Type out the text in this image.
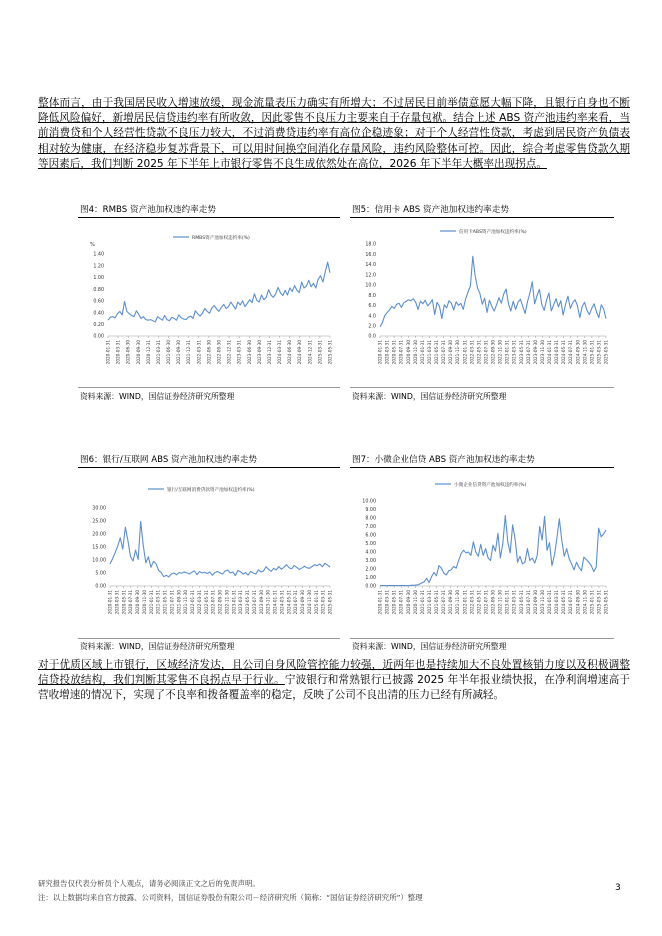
整体而言，由于我国居民收入增速放缓，现金流量表压力确实有所增大；不过居民目前举债意愿大幅下降，且银行自身也不断降低风险偏好，新增居民信贷违约率有所收敛，因此零售不良压力主要来自于存量包袱。结合上述 ABS 资产池违约率来看，当前消费贷和个人经营性贷款不良压力较大，不过消费贷违约率有高位企稳迹象；对于个人经营性贷款，考虑到居民资产负债表相对较为健康，在经济稳步复苏背景下，可以用时间换空间消化存量风险，违约风险整体可控。因此，综合考虑零售贷款久期等因素后，我们判断 2025 年下半年上市银行零售不良生成依然处在高位，2026 年下半年大概率出现拐点。
图4：RMBS 资产池加权违约率走势	图5：信用卡 ABS 资产池加权违约率走势
RMBS资产池加权违约率(%)
%
0.00
0.20
0.40
0.60
0.80
1.00
1.20
1.40
2020-01-31 2020-03-31 2020-06-30 2020-09-30 2020-12-31 2021-03-31 2021-06-30 2021-09-30 2021-12-31 2022-03-31 2022-06-30 2022-09-30 2022-12-31 2023-03-31 2023-06-30 2023-09-30 2023-12-31 2024-03-31 2024-06-30 2024-09-30 2024-12-31 2025-03-31 2025-05-31
信用卡ABS资产池加权违约率(%)
0.0
2.0
4.0
6.0
8.0
10.0
12.0
14.0
16.0
18.0
2020-01-31 2020-03-31 2020-05-31 2020-07-31 2020-09-30 2020-11-30 2021-01-31 2021-03-31 2021-05-31 2021-07-31 2021-09-30 2021-11-30 2022-01-31 2022-03-31 2022-05-31 2022-07-31 2022-09-30 2022-11-30 2023-01-31 2023-03-31 2023-05-31 2023-07-31 2023-09-30 2023-11-30 2024-01-31 2024-03-31 2024-05-31 2024-07-31 2024-09-30 2024-11-30 2025-01-31 2025-03-31 2025-05-31
资料来源：WIND，国信证券经济研究所整理	资料来源：WIND，国信证券经济研究所整理
图6：银行/互联网 ABS 资产池加权违约率走势	图7：小微企业信贷 ABS 资产池加权违约率走势
银行/互联网消费贷款资产池加权违约率(%)
0.00
5.00
10.00
15.00
20.00
25.00
30.00
2020-01-31 2020-03-31 2020-05-31 2020-07-31 2020-09-30 2020-11-30 2021-01-31 2021-03-31 2021-05-31 2021-07-31 2021-09-30 2021-11-30 2022-01-31 2022-03-31 2022-05-31 2022-07-31 2022-09-30 2022-11-30 2023-01-31 2023-03-31 2023-05-31 2023-07-31 2023-09-30 2023-11-30 2024-01-31 2024-03-31 2024-05-31 2024-07-31 2024-09-30 2024-11-30 2025-01-31 2025-03-31 2025-05-31
小微企业信贷资产池加权违约率(%)
0.00
1.00
2.00
3.00
4.00
5.00
6.00
7.00
8.00
9.00
10.00
2020-01-31 2020-03-31 2020-05-31 2020-07-31 2020-09-30 2020-11-30 2021-01-31 2021-03-31 2021-05-31 2021-07-31 2021-09-30 2021-11-30 2022-01-31 2022-03-31 2022-05-31 2022-07-31 2022-09-30 2022-11-30 2023-01-31 2023-03-31 2023-05-31 2023-07-31 2023-09-30 2023-11-30 2024-01-31 2024-03-31 2024-05-31 2024-07-31 2024-09-30 2024-11-30 2025-01-31 2025-03-31 2025-05-31
资料来源：WIND，国信证券经济研究所整理	资料来源：WIND，国信证券经济研究所整理
对于优质区域上市银行，区域经济发达，且公司自身风险管控能力较强，近两年也是持续加大不良处置核销力度以及积极调整信贷投放结构，我们判断其零售不良拐点早于行业。宁波银行和常熟银行已披露 2025 年半年报业绩快报，在净利润增速高于营收增速的情况下，实现了不良率和拨备覆盖率的稳定，反映了公司不良出清的压力已经有所减轻。
研究报告仅代表分析员个人观点，请务必阅读正文之后的免责声明。
注：以上数据均来自官方披露、公司资料，国信证券股份有限公司－经济研究所（简称：“国信证券经济研究所”）整理
3
